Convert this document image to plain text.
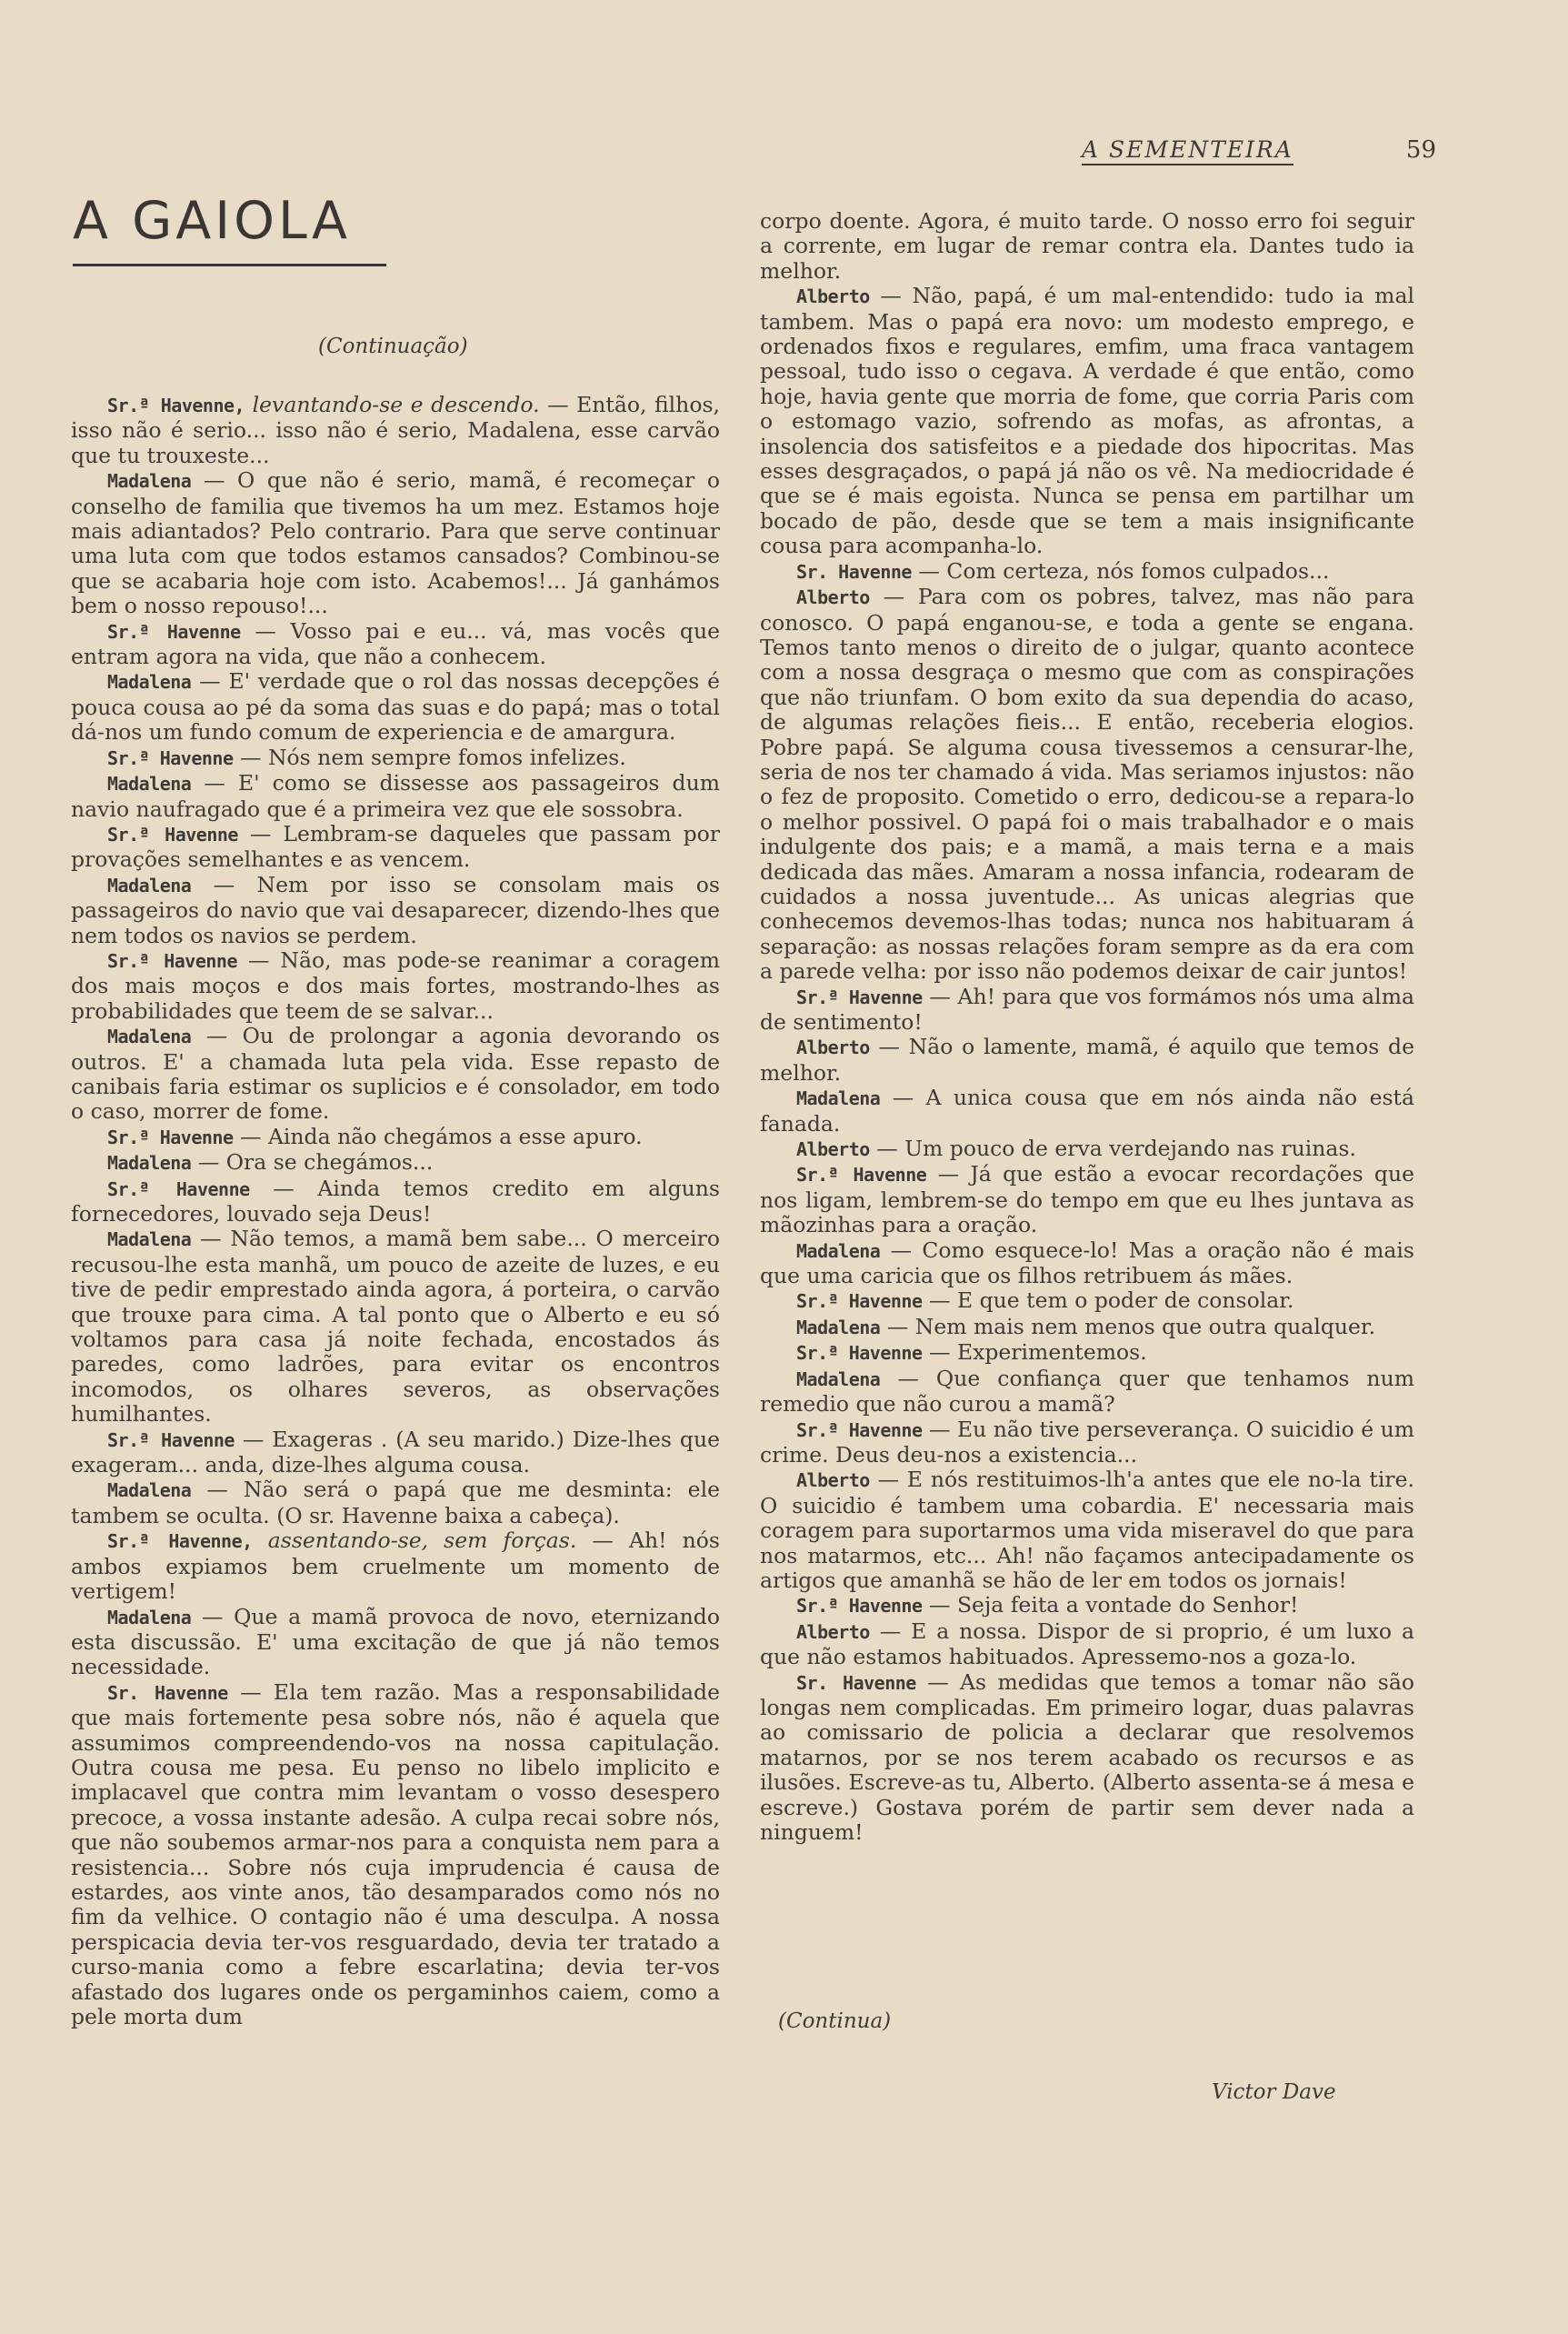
A SEMENTEIRA	59
A GAIOLA
(Continuação)

Sr.ª Havenne, levantando-se e descendo. — Então, filhos, isso não é serio... isso não é serio, Madalena, esse carvão que tu trouxeste...

Madalena — O que não é serio, mamã, é recomeçar o conselho de familia que tivemos ha um mez. Estamos hoje mais adiantados? Pelo contrario. Para que serve continuar uma luta com que todos estamos cansados? Combinou-se que se acabaria hoje com isto. Acabemos!... Já ganhámos bem o nosso repouso!...

Sr.ª Havenne — Vosso pai e eu... vá, mas vocês que entram agora na vida, que não a conhecem.

Madalena — E' verdade que o rol das nossas decepções é pouca cousa ao pé da soma das suas e do papá; mas o total dá-nos um fundo comum de experiencia e de amargura.

Sr.ª Havenne — Nós nem sempre fomos infelizes.

Madalena — E' como se dissesse aos passageiros dum navio naufragado que é a primeira vez que ele sossobra.

Sr.ª Havenne — Lembram-se daqueles que passam por provações semelhantes e as vencem.

Madalena — Nem por isso se consolam mais os passageiros do navio que vai desaparecer, dizendo-lhes que nem todos os navios se perdem.

Sr.ª Havenne — Não, mas pode-se reanimar a coragem dos mais moços e dos mais fortes, mostrando-lhes as probabilidades que teem de se salvar...

Madalena — Ou de prolongar a agonia devorando os outros. E' a chamada luta pela vida. Esse repasto de canibais faria estimar os suplicios e é consolador, em todo o caso, morrer de fome.

Sr.ª Havenne — Ainda não chegámos a esse apuro.

Madalena — Ora se chegámos...

Sr.ª Havenne — Ainda temos credito em alguns fornecedores, louvado seja Deus!

Madalena — Não temos, a mamã bem sabe... O merceiro recusou-lhe esta manhã, um pouco de azeite de luzes, e eu tive de pedir emprestado ainda agora, á porteira, o carvão que trouxe para cima. A tal ponto que o Alberto e eu só voltamos para casa já noite fechada, encostados ás paredes, como ladrões, para evitar os encontros incomodos, os olhares severos, as observações humilhantes.

Sr.ª Havenne — Exageras . (A seu marido.) Dize-lhes que exageram... anda, dize-lhes alguma cousa.

Madalena — Não será o papá que me desminta: ele tambem se oculta. (O sr. Havenne baixa a cabeça).

Sr.ª Havenne, assentando-se, sem forças. — Ah! nós ambos expiamos bem cruelmente um momento de vertigem!

Madalena — Que a mamã provoca de novo, eternizando esta discussão. E' uma excitação de que já não temos necessidade.

Sr. Havenne — Ela tem razão. Mas a responsabilidade que mais fortemente pesa sobre nós, não é aquela que assumimos compreendendo-vos na nossa capitulação. Outra cousa me pesa. Eu penso no libelo implicito e implacavel que contra mim levantam o vosso desespero precoce, a vossa instante adesão. A culpa recai sobre nós, que não soubemos armar-nos para a conquista nem para a resistencia... Sobre nós cuja imprudencia é causa de estardes, aos vinte anos, tão desamparados como nós no fim da velhice. O contagio não é uma desculpa. A nossa perspicacia devia ter-vos resguardado, devia ter tratado a curso-mania como a febre escarlatina; devia ter-vos afastado dos lugares onde os pergaminhos caiem, como a pele morta dum

corpo doente. Agora, é muito tarde. O nosso erro foi seguir a corrente, em lugar de remar contra ela. Dantes tudo ia melhor.

Alberto — Não, papá, é um mal-entendido: tudo ia mal tambem. Mas o papá era novo: um modesto emprego, e ordenados fixos e regulares, emfim, uma fraca vantagem pessoal, tudo isso o cegava. A verdade é que então, como hoje, havia gente que morria de fome, que corria Paris com o estomago vazio, sofrendo as mofas, as afrontas, a insolencia dos satisfeitos e a piedade dos hipocritas. Mas esses desgraçados, o papá já não os vê. Na mediocridade é que se é mais egoista. Nunca se pensa em partilhar um bocado de pão, desde que se tem a mais insignificante cousa para acompanha-lo.

Sr. Havenne — Com certeza, nós fomos culpados...

Alberto — Para com os pobres, talvez, mas não para conosco. O papá enganou-se, e toda a gente se engana. Temos tanto menos o direito de o julgar, quanto acontece com a nossa desgraça o mesmo que com as conspirações que não triunfam. O bom exito da sua dependia do acaso, de algumas relações fieis... E então, receberia elogios. Pobre papá. Se alguma cousa tivessemos a censurar-lhe, seria de nos ter chamado á vida. Mas seriamos injustos: não o fez de proposito. Cometido o erro, dedicou-se a repara-lo o melhor possivel. O papá foi o mais trabalhador e o mais indulgente dos pais; e a mamã, a mais terna e a mais dedicada das mães. Amaram a nossa infancia, rodearam de cuidados a nossa juventude... As unicas alegrias que conhecemos devemos-lhas todas; nunca nos habituaram á separação: as nossas relações foram sempre as da era com a parede velha: por isso não podemos deixar de cair juntos!

Sr.ª Havenne — Ah! para que vos formámos nós uma alma de sentimento!

Alberto — Não o lamente, mamã, é aquilo que temos de melhor.

Madalena — A unica cousa que em nós ainda não está fanada.

Alberto — Um pouco de erva verdejando nas ruinas.

Sr.ª Havenne — Já que estão a evocar recordações que nos ligam, lembrem-se do tempo em que eu lhes juntava as mãozinhas para a oração.

Madalena — Como esquece-lo! Mas a oração não é mais que uma caricia que os filhos retribuem ás mães.

Sr.ª Havenne — E que tem o poder de consolar.

Madalena — Nem mais nem menos que outra qualquer.

Sr.ª Havenne — Experimentemos.

Madalena — Que confiança quer que tenhamos num remedio que não curou a mamã?

Sr.ª Havenne — Eu não tive perseverança. O suicidio é um crime. Deus deu-nos a existencia...

Alberto — E nós restituimos-lh'a antes que ele no-la tire. O suicidio é tambem uma cobardia. E' necessaria mais coragem para suportarmos uma vida miseravel do que para nos matarmos, etc... Ah! não façamos antecipadamente os artigos que amanhã se hão de ler em todos os jornais!

Sr.ª Havenne — Seja feita a vontade do Senhor!

Alberto — E a nossa. Dispor de si proprio, é um luxo a que não estamos habituados. Apressemo-nos a goza-lo.

Sr. Havenne — As medidas que temos a tomar não são longas nem complicadas. Em primeiro logar, duas palavras ao comissario de policia a declarar que resolvemos matarnos, por se nos terem acabado os recursos e as ilusões. Escreve-as tu, Alberto. (Alberto assenta-se á mesa e escreve.) Gostava porém de partir sem dever nada a ninguem!

(Continua)
Victor Dave
